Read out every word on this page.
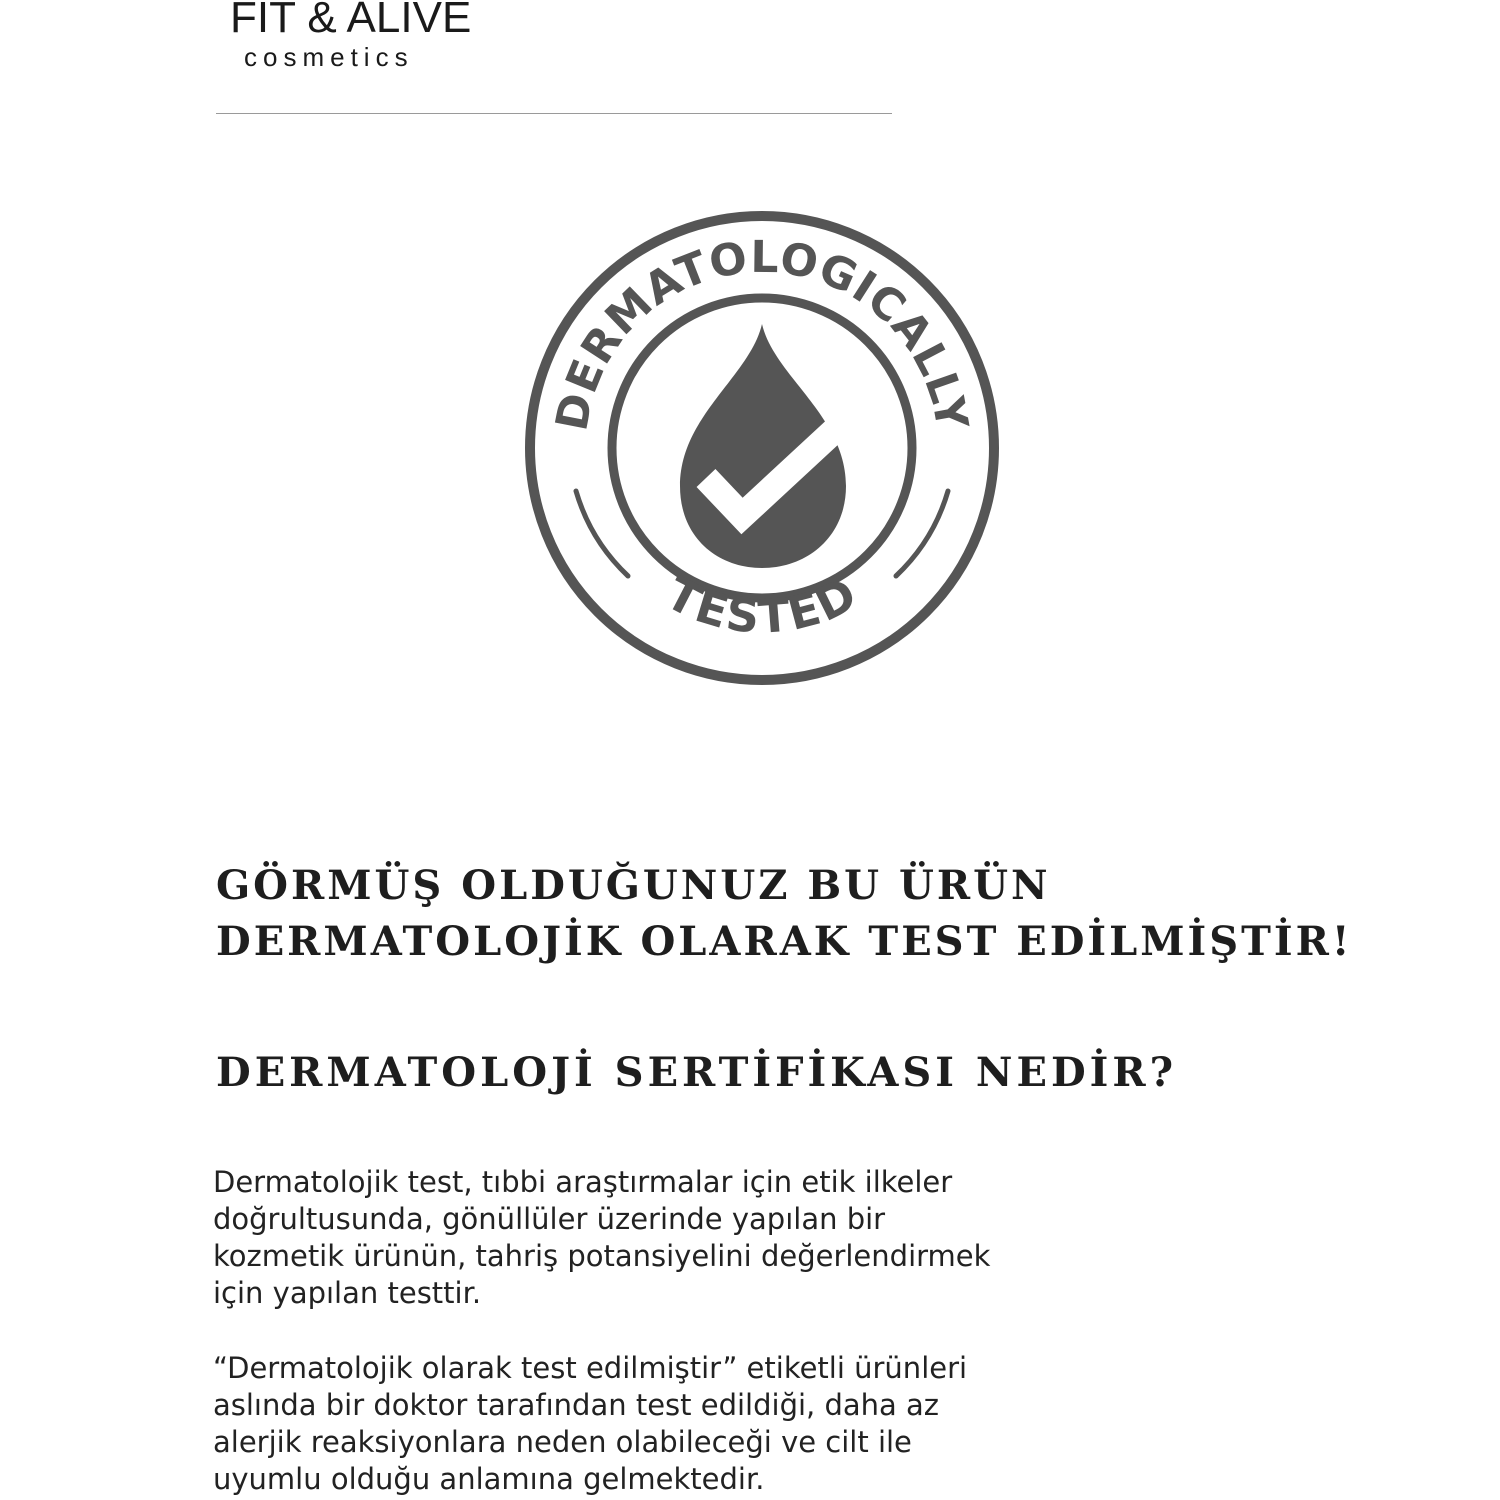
FIT & ALIVE
cosmetics
DERMATOLOGICALLY
TESTED
GÖRMÜŞ OLDUĞUNUZ BU ÜRÜN
DERMATOLOJİK OLARAK TEST EDİLMİŞTİR!
DERMATOLOJİ SERTİFİKASI NEDİR?

Dermatolojik test, tıbbi araştırmalar için etik ilkeler
doğrultusunda, gönüllüler üzerinde yapılan bir
kozmetik ürünün, tahriş potansiyelini değerlendirmek
için yapılan testtir.

“Dermatolojik olarak test edilmiştir” etiketli ürünleri
aslında bir doktor tarafından test edildiği, daha az
alerjik reaksiyonlara neden olabileceği ve cilt ile
uyumlu olduğu anlamına gelmektedir.
